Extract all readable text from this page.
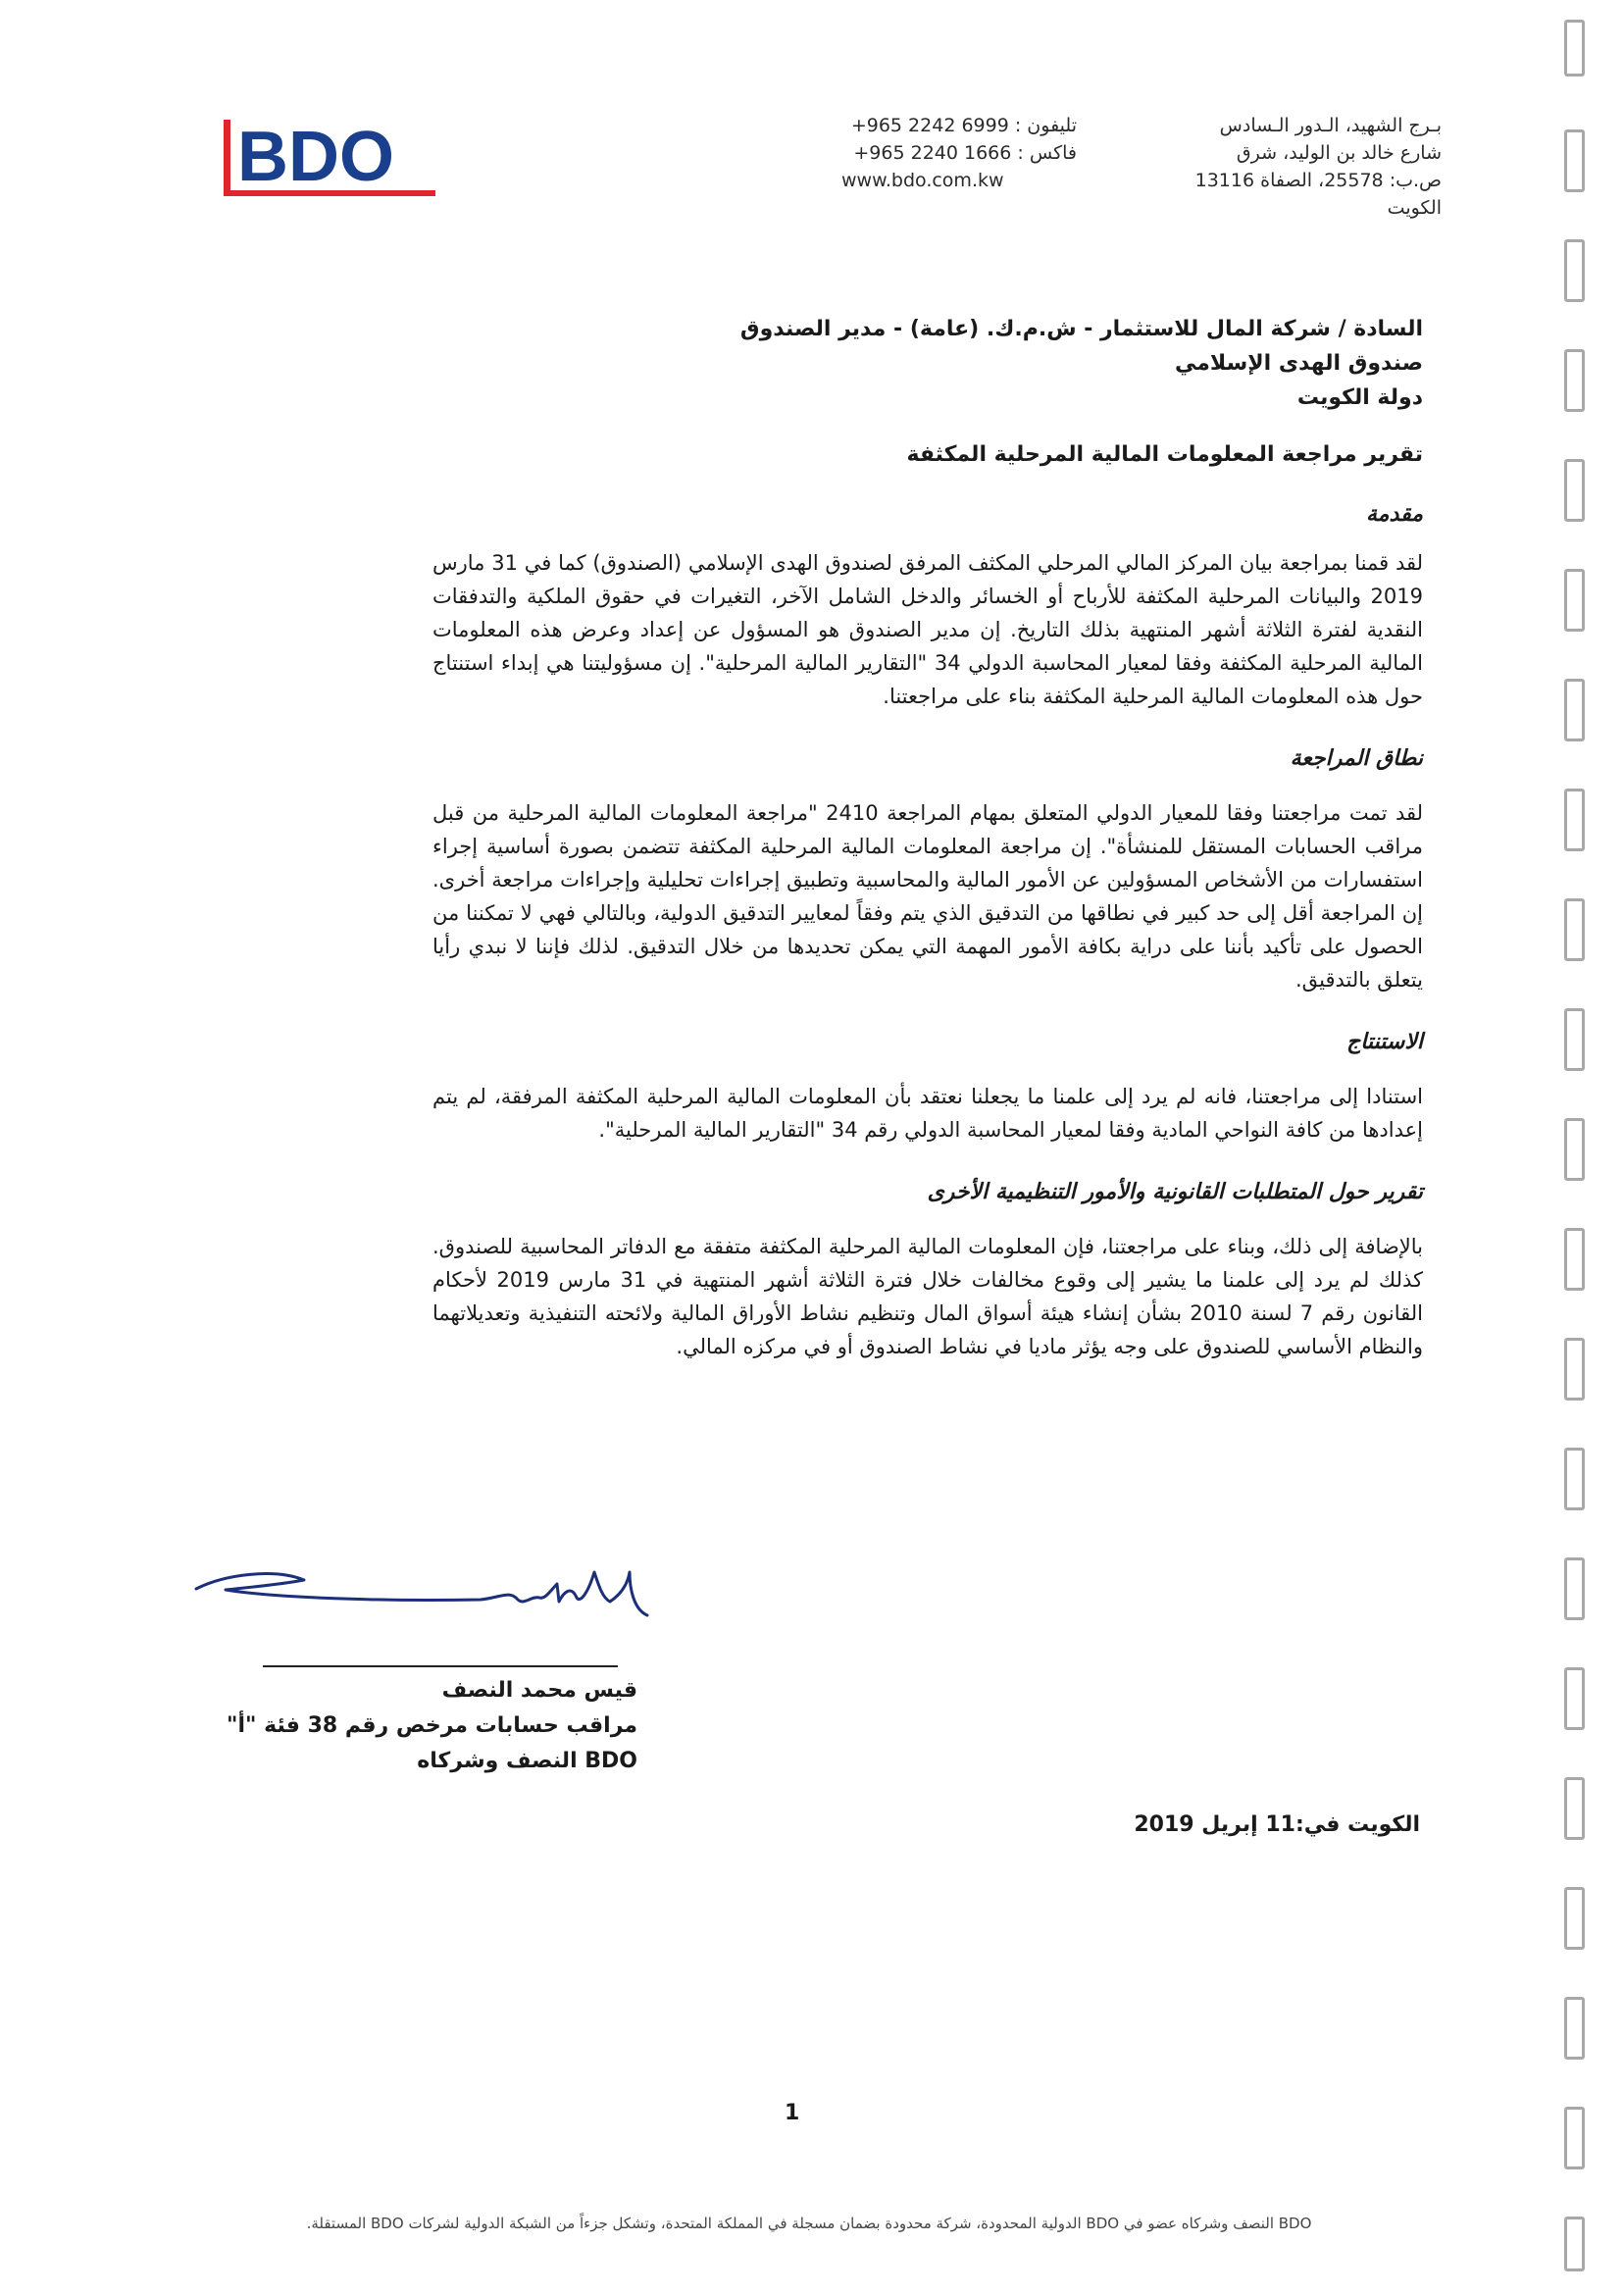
BDO	تليفون : +965 2242 6999
فاكس : +965 2240 1666
www.bdo.com.kw
بـرج الشهيد، الـدور الـسادس
شارع خالد بن الوليد، شرق
ص.ب: 25578، الصفاة 13116
الكويت

السادة / شركة المال للاستثمار - ش.م.ك. (عامة) - مدير الصندوق

صندوق الهدى الإسلامي

دولة الكويت

تقرير مراجعة المعلومات المالية المرحلية المكثفة

مقدمة

لقد قمنا بمراجعة بيان المركز المالي المرحلي المكثف المرفق لصندوق الهدى الإسلامي (الصندوق) كما في 31 مارس 2019 والبيانات المرحلية المكثفة للأرباح أو الخسائر والدخل الشامل الآخر، التغيرات في حقوق الملكية والتدفقات النقدية لفترة الثلاثة أشهر المنتهية بذلك التاريخ. إن مدير الصندوق هو المسؤول عن إعداد وعرض هذه المعلومات المالية المرحلية المكثفة وفقا لمعيار المحاسبة الدولي 34 "التقارير المالية المرحلية". إن مسؤوليتنا هي إبداء استنتاج حول هذه المعلومات المالية المرحلية المكثفة بناء على مراجعتنا.

نطاق المراجعة

لقد تمت مراجعتنا وفقا للمعيار الدولي المتعلق بمهام المراجعة 2410 "مراجعة المعلومات المالية المرحلية من قبل مراقب الحسابات المستقل للمنشأة". إن مراجعة المعلومات المالية المرحلية المكثفة تتضمن بصورة أساسية إجراء استفسارات من الأشخاص المسؤولين عن الأمور المالية والمحاسبية وتطبيق إجراءات تحليلية وإجراءات مراجعة أخرى. إن المراجعة أقل إلى حد كبير في نطاقها من التدقيق الذي يتم وفقاً لمعايير التدقيق الدولية، وبالتالي فهي لا تمكننا من الحصول على تأكيد بأننا على دراية بكافة الأمور المهمة التي يمكن تحديدها من خلال التدقيق. لذلك فإننا لا نبدي رأيا يتعلق بالتدقيق.

الاستنتاج

استنادا إلى مراجعتنا، فانه لم يرد إلى علمنا ما يجعلنا نعتقد بأن المعلومات المالية المرحلية المكثفة المرفقة، لم يتم إعدادها من كافة النواحي المادية وفقا لمعيار المحاسبة الدولي رقم 34 "التقارير المالية المرحلية".

تقرير حول المتطلبات القانونية والأمور التنظيمية الأخرى

بالإضافة إلى ذلك، وبناء على مراجعتنا، فإن المعلومات المالية المرحلية المكثفة متفقة مع الدفاتر المحاسبية للصندوق. كذلك لم يرد إلى علمنا ما يشير إلى وقوع مخالفات خلال فترة الثلاثة أشهر المنتهية في 31 مارس 2019 لأحكام القانون رقم 7 لسنة 2010 بشأن إنشاء هيئة أسواق المال وتنظيم نشاط الأوراق المالية ولائحته التنفيذية وتعديلاتهما والنظام الأساسي للصندوق على وجه يؤثر ماديا في نشاط الصندوق أو في مركزه المالي.

قيس محمد النصف

مراقب حسابات مرخص رقم 38 فئة "أ"

BDO النصف وشركاه

الكويت في:11 إبريل 2019
1
BDO النصف وشركاه عضو في BDO الدولية المحدودة، شركة محدودة بضمان مسجلة في المملكة المتحدة، وتشكل جزءاً من الشبكة الدولية لشركات BDO المستقلة.
